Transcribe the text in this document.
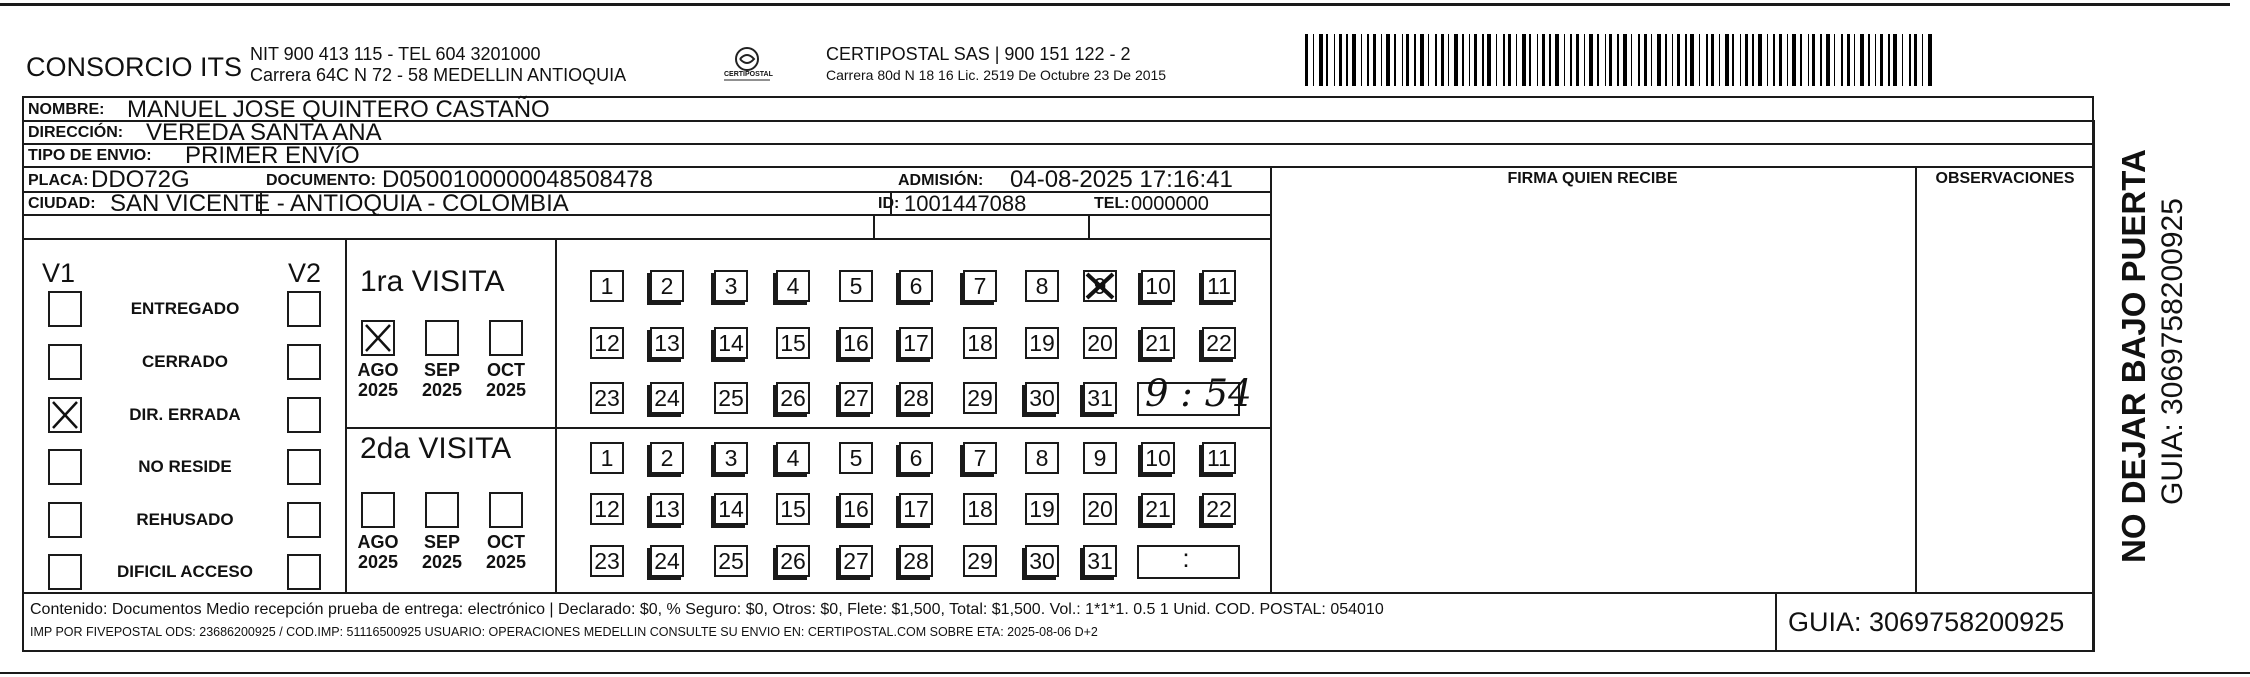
CONSORCIO ITS NIT 900 413 115 - TEL 604 3201000
Carrera 64C N 72 - 58 MEDELLIN ANTIOQUIA	CERTIPOSTAL
CERTIPOSTAL SAS | 900 151 122 - 2
Carrera 80d N 18 16 Lic. 2519 De Octubre 23 De 2015
NOMBRE: MANUEL JOSE QUINTERO CASTAÑO
DIRECCIÓN: VEREDA SANTA ANA
TIPO DE ENVIO: PRIMER ENVíO
PLACA: DDO72G	DOCUMENTO: D0500100000048508478	ADMISIÓN: 04-08-2025 17:16:41
CIUDAD: SAN VICENTE - ANTIOQUIA - COLOMBIA	ID: 1001447088	TEL: 0000000
FIRMA QUIEN RECIBE	OBSERVACIONES
V1	V2
ENTREGADO
CERRADO
DIR. ERRADA
NO RESIDE
REHUSADO
DIFICIL ACCESO
1ra VISITA
AGO
2025
SEP
2025
OCT
2025
1	2	3	4	5	6	7	8	9 10 11
12 13 14 15 16 17 18 19 20 21 22
23 24 25 26 27 28 29 30 31 9 : 54
2da VISITA
AGO
2025
SEP
2025
OCT
2025
1	2	3	4	5	6	7	8	9	10 11
12 13 14 15 16 17 18 19 20 21 22
23 24 25 26 27 28 29 30 31	:
Contenido: Documentos Medio recepción prueba de entrega: electrónico | Declarado: $0, % Seguro: $0, Otros: $0, Flete: $1,500, Total: $1,500. Vol.: 1*1*1. 0.5 1 Unid. COD. POSTAL: 054010
IMP POR FIVEPOSTAL ODS: 23686200925 / COD.IMP: 51116500925 USUARIO: OPERACIONES MEDELLIN CONSULTE SU ENVIO EN: CERTIPOSTAL.COM SOBRE ETA: 2025-08-06 D+2	GUIA: 3069758200925
NO DEJAR BAJO PUERTA GUIA: 3069758200925
